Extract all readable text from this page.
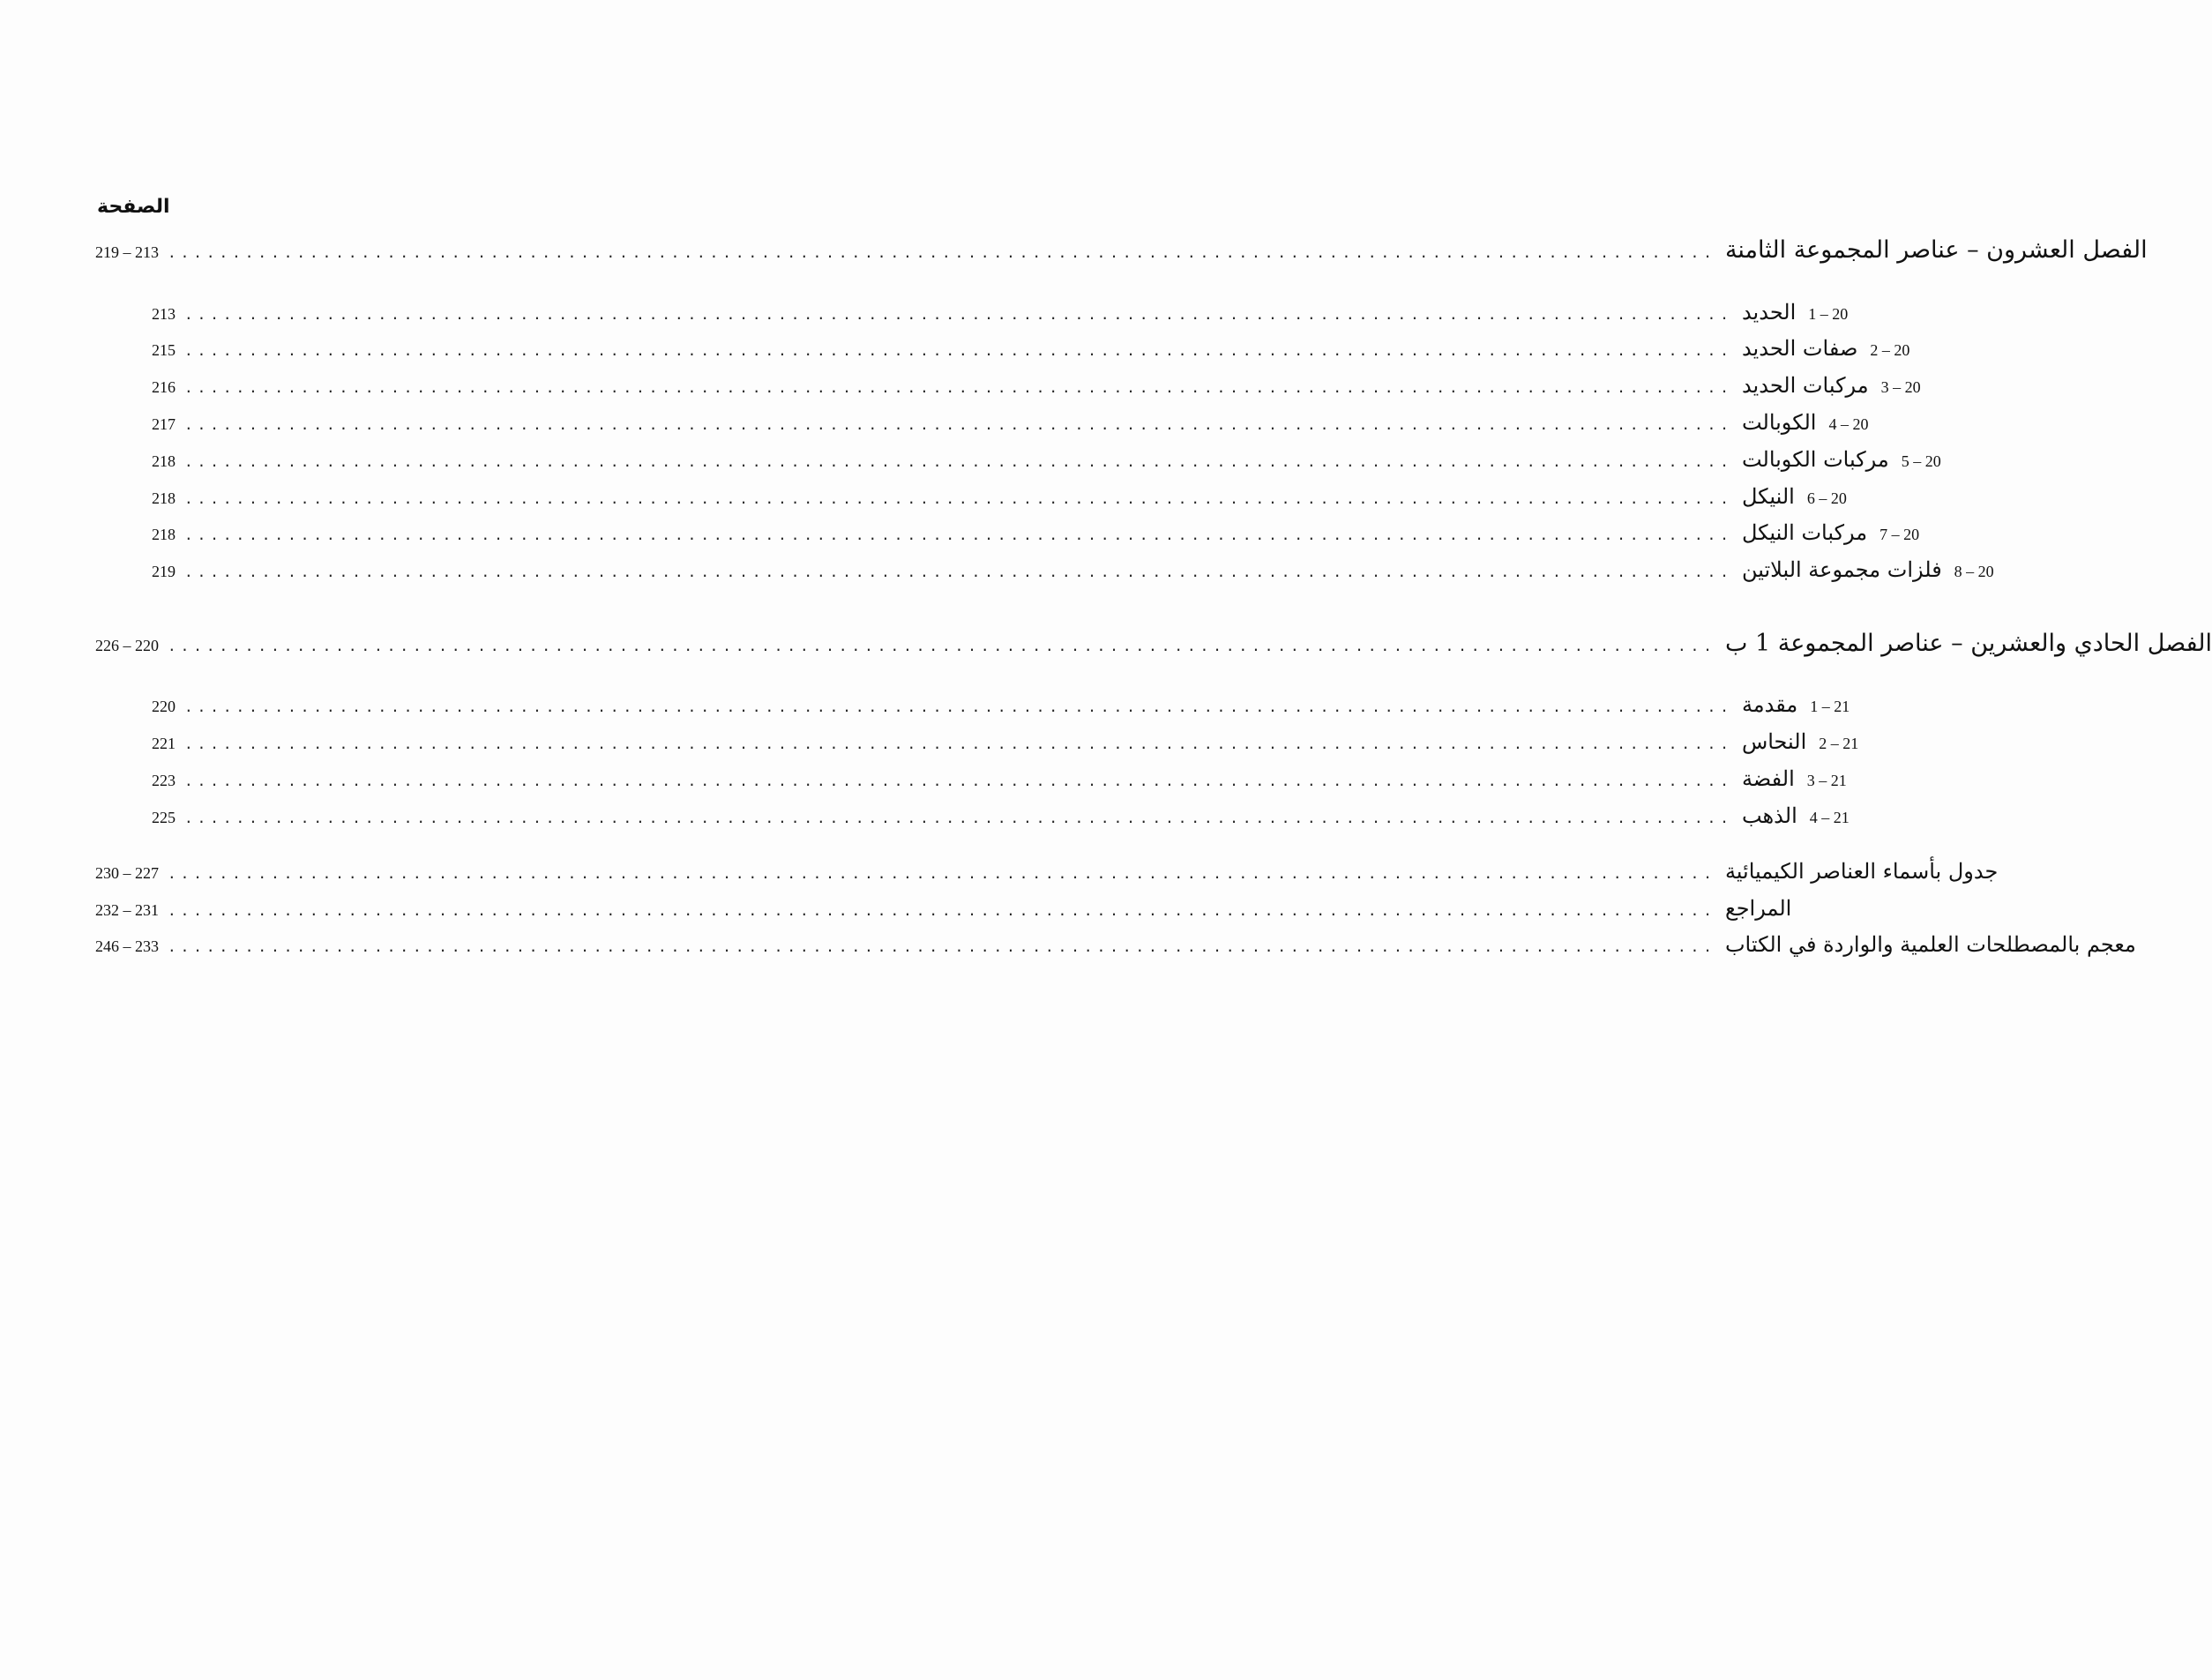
الصفحة
219 – 213 ........................................................................................................................ الفصل العشرون – عناصر المجموعة الثامنة
213 ........................................................................................................................ الحديد 1 – 20
215 ........................................................................................................................ صفات الحديد 2 – 20
216 ........................................................................................................................ مركبات الحديد 3 – 20
217 ........................................................................................................................ الكوبالت 4 – 20
218 ........................................................................................................................ مركبات الكوبالت 5 – 20
218 ........................................................................................................................ النيكل 6 – 20
218 ........................................................................................................................ مركبات النيكل 7 – 20
219 ........................................................................................................................ فلزات مجموعة البلاتين 8 – 20
226 – 220 ........................................................................................................................ الفصل الحادي والعشرين – عناصر المجموعة 1 ب
220 ........................................................................................................................ مقدمة 1 – 21
221 ........................................................................................................................ النحاس 2 – 21
223 ........................................................................................................................ الفضة 3 – 21
225 ........................................................................................................................ الذهب 4 – 21
230 – 227 ........................................................................................................................ جدول بأسماء العناصر الكيميائية
232 – 231 ........................................................................................................................ المراجع
246 – 233 ........................................................................................................................ معجم بالمصطلحات العلمية والواردة في الكتاب
